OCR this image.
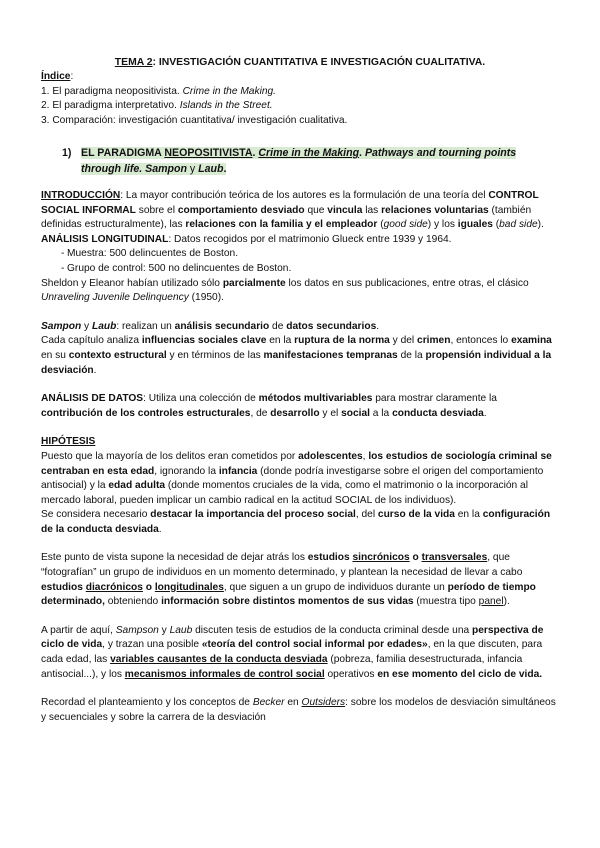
TEMA 2: INVESTIGACIÓN CUANTITATIVA E INVESTIGACIÓN CUALITATIVA.

Índice:

1. El paradigma neopositivista. Crime in the Making.

2. El paradigma interpretativo. Islands in the Street.

3. Comparación: investigación cuantitativa/ investigación cualitativa.

1) EL PARADIGMA NEOPOSITIVISTA. Crime in the Making. Pathways and tourning points through life. Sampon y Laub.

INTRODUCCIÓN: La mayor contribución teórica de los autores es la formulación de una teoría del CONTROL SOCIAL INFORMAL sobre el comportamiento desviado que vincula las relaciones voluntarias (también definidas estructuralmente), las relaciones con la familia y el empleador (good side) y los iguales (bad side).

ANÁLISIS LONGITUDINAL: Datos recogidos por el matrimonio Glueck entre 1939 y 1964.

- Muestra: 500 delincuentes de Boston.

- Grupo de control: 500 no delincuentes de Boston.

Sheldon y Eleanor habían utilizado sólo parcialmente los datos en sus publicaciones, entre otras, el clásico Unraveling Juvenile Delinquency (1950).

Sampon y Laub: realizan un análisis secundario de datos secundarios.

Cada capítulo analiza influencias sociales clave en la ruptura de la norma y del crimen, entonces lo examina en su contexto estructural y en términos de las manifestaciones tempranas de la propensión individual a la desviación.

ANÁLISIS DE DATOS: Utiliza una colección de métodos multivariables para mostrar claramente la contribución de los controles estructurales, de desarrollo y el social a la conducta desviada.

HIPÓTESIS

Puesto que la mayoría de los delitos eran cometidos por adolescentes, los estudios de sociología criminal se centraban en esta edad, ignorando la infancia (donde podría investigarse sobre el origen del comportamiento antisocial) y la edad adulta (donde momentos cruciales de la vida, como el matrimonio o la incorporación al mercado laboral, pueden implicar un cambio radical en la actitud SOCIAL de los individuos).

Se considera necesario destacar la importancia del proceso social, del curso de la vida en la configuración de la conducta desviada.

Este punto de vista supone la necesidad de dejar atrás los estudios sincrónicos o transversales, que “fotografían” un grupo de individuos en un momento determinado, y plantean la necesidad de llevar a cabo estudios diacrónicos o longitudinales, que siguen a un grupo de individuos durante un período de tiempo determinado, obteniendo información sobre distintos momentos de sus vidas (muestra tipo panel).

A partir de aquí, Sampson y Laub discuten tesis de estudios de la conducta criminal desde una perspectiva de ciclo de vida, y trazan una posible «teoría del control social informal por edades», en la que discuten, para cada edad, las variables causantes de la conducta desviada (pobreza, familia desestructurada, infancia antisocial...), y los mecanismos informales de control social operativos en ese momento del ciclo de vida.

Recordad el planteamiento y los conceptos de Becker en Outsiders: sobre los modelos de desviación simultáneos y secuenciales y sobre la carrera de la desviación
